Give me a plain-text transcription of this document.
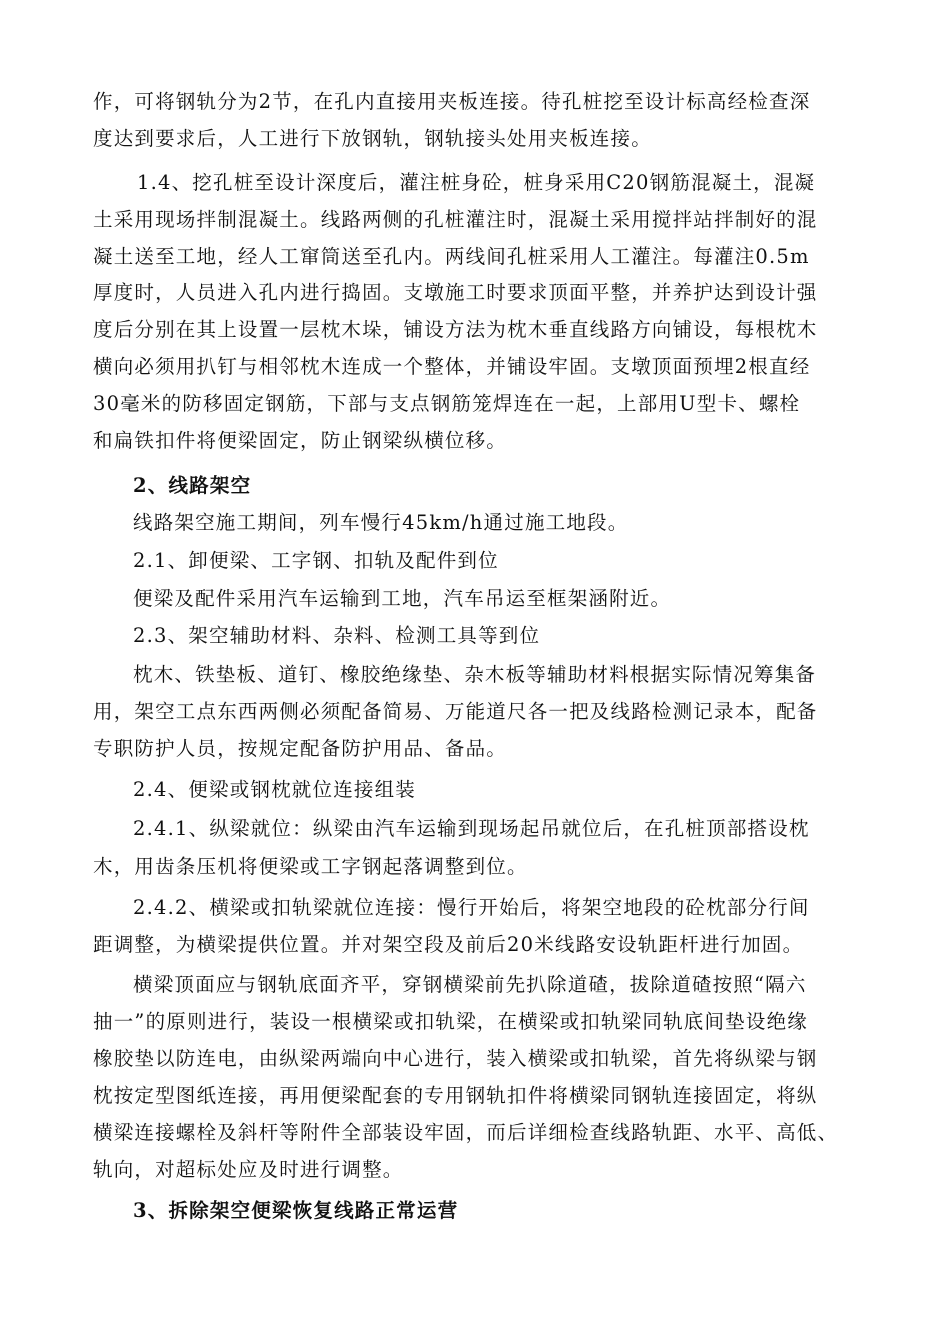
作，可将钢轨分为2节，在孔内直接用夹板连接。待孔桩挖至设计标高经检查深
度达到要求后，人工进行下放钢轨，钢轨接头处用夹板连接。
1.4、挖孔桩至设计深度后，灌注桩身砼，桩身采用C20钢筋混凝土，混凝
土采用现场拌制混凝土。线路两侧的孔桩灌注时，混凝土采用搅拌站拌制好的混
凝土送至工地，经人工窜筒送至孔内。两线间孔桩采用人工灌注。每灌注0.5m
厚度时，人员进入孔内进行捣固。支墩施工时要求顶面平整，并养护达到设计强
度后分别在其上设置一层枕木垛，铺设方法为枕木垂直线路方向铺设，每根枕木
横向必须用扒钉与相邻枕木连成一个整体，并铺设牢固。支墩顶面预埋2根直经
30毫米的防移固定钢筋，下部与支点钢筋笼焊连在一起，上部用U型卡、螺栓
和扁铁扣件将便梁固定，防止钢梁纵横位移。
2、线路架空
线路架空施工期间，列车慢行45km/h通过施工地段。
2.1、卸便梁、工字钢、扣轨及配件到位
便梁及配件采用汽车运输到工地，汽车吊运至框架涵附近。
2.3、架空辅助材料、杂料、检测工具等到位
枕木、铁垫板、道钉、橡胶绝缘垫、杂木板等辅助材料根据实际情况筹集备
用，架空工点东西两侧必须配备简易、万能道尺各一把及线路检测记录本，配备
专职防护人员，按规定配备防护用品、备品。
2.4、便梁或钢枕就位连接组装
2.4.1、纵梁就位：纵梁由汽车运输到现场起吊就位后，在孔桩顶部搭设枕
木，用齿条压机将便梁或工字钢起落调整到位。
2.4.2、横梁或扣轨梁就位连接：慢行开始后，将架空地段的砼枕部分行间
距调整，为横梁提供位置。并对架空段及前后20米线路安设轨距杆进行加固。
横梁顶面应与钢轨底面齐平，穿钢横梁前先扒除道碴，拔除道碴按照“隔六
抽一”的原则进行，装设一根横梁或扣轨梁，在横梁或扣轨梁同轨底间垫设绝缘
橡胶垫以防连电，由纵梁两端向中心进行，装入横梁或扣轨梁，首先将纵梁与钢
枕按定型图纸连接，再用便梁配套的专用钢轨扣件将横梁同钢轨连接固定，将纵
横梁连接螺栓及斜杆等附件全部装设牢固，而后详细检查线路轨距、水平、高低、
轨向，对超标处应及时进行调整。
3、拆除架空便梁恢复线路正常运营
